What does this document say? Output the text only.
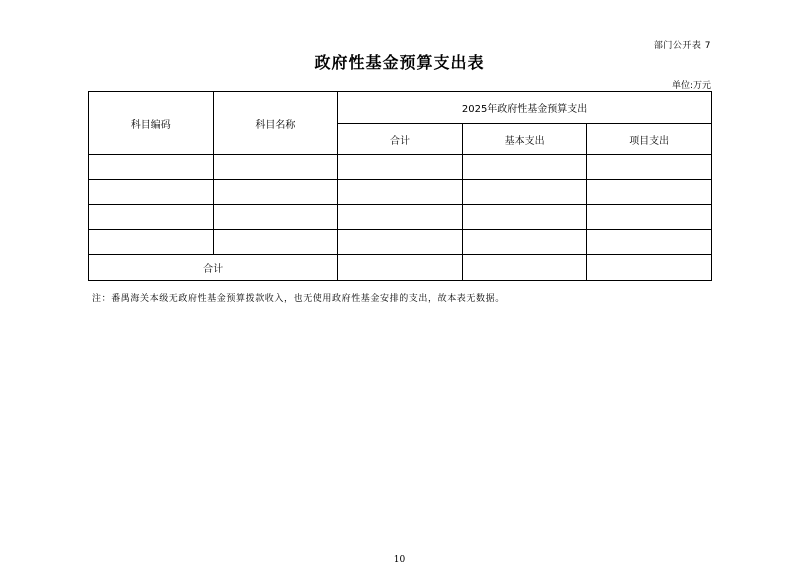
部门公开表 7
政府性基金预算支出表
单位:万元
科目编码	科目名称	2025年政府性基金预算支出		
		合计	基本支出	项目支出

合计				
注：番禺海关本级无政府性基金预算拨款收入，也无使用政府性基金安排的支出，故本表无数据。
10
